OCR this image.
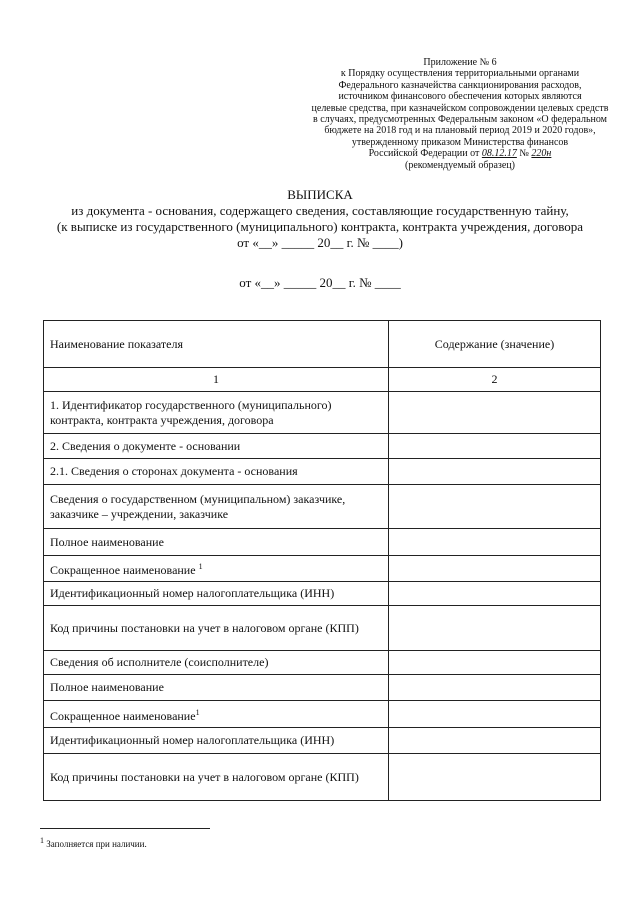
Приложение № 6
к Порядку осуществления территориальными органами
Федерального казначейства санкционирования расходов,
источником финансового обеспечения которых являются
целевые средства, при казначейском сопровождении целевых средств
в случаях, предусмотренных Федеральным законом «О федеральном
бюджете на 2018 год и на плановый период 2019 и 2020 годов»,
утвержденному приказом Министерства финансов
Российской Федерации от 08.12.17 № 220н
(рекомендуемый образец)
ВЫПИСКА
из документа - основания, содержащего сведения, составляющие государственную тайну,
(к выписке из государственного (муниципального) контракта, контракта учреждения, договора
от «__» _____ 20__ г. № ____)
от «__» _____ 20__ г. № ____
Наименование показателя	Содержание (значение)
1	2
1. Идентификатор государственного (муниципального) контракта, контракта учреждения, договора	
2. Сведения о документе - основании	
2.1. Сведения о сторонах документа - основания	
Сведения о государственном (муниципальном) заказчике, заказчике – учреждении, заказчике	
Полное наименование	
Сокращенное наименование $^1$	
Идентификационный номер налогоплательщика (ИНН)	
Код причины постановки на учет в налоговом органе (КПП)	
Сведения об исполнителе (соисполнителе)	
Полное наименование	
Сокращенное наименование$^1$	
Идентификационный номер налогоплательщика (ИНН)	
Код причины постановки на учет в налоговом органе (КПП)	
$^1$ Заполняется при наличии.
